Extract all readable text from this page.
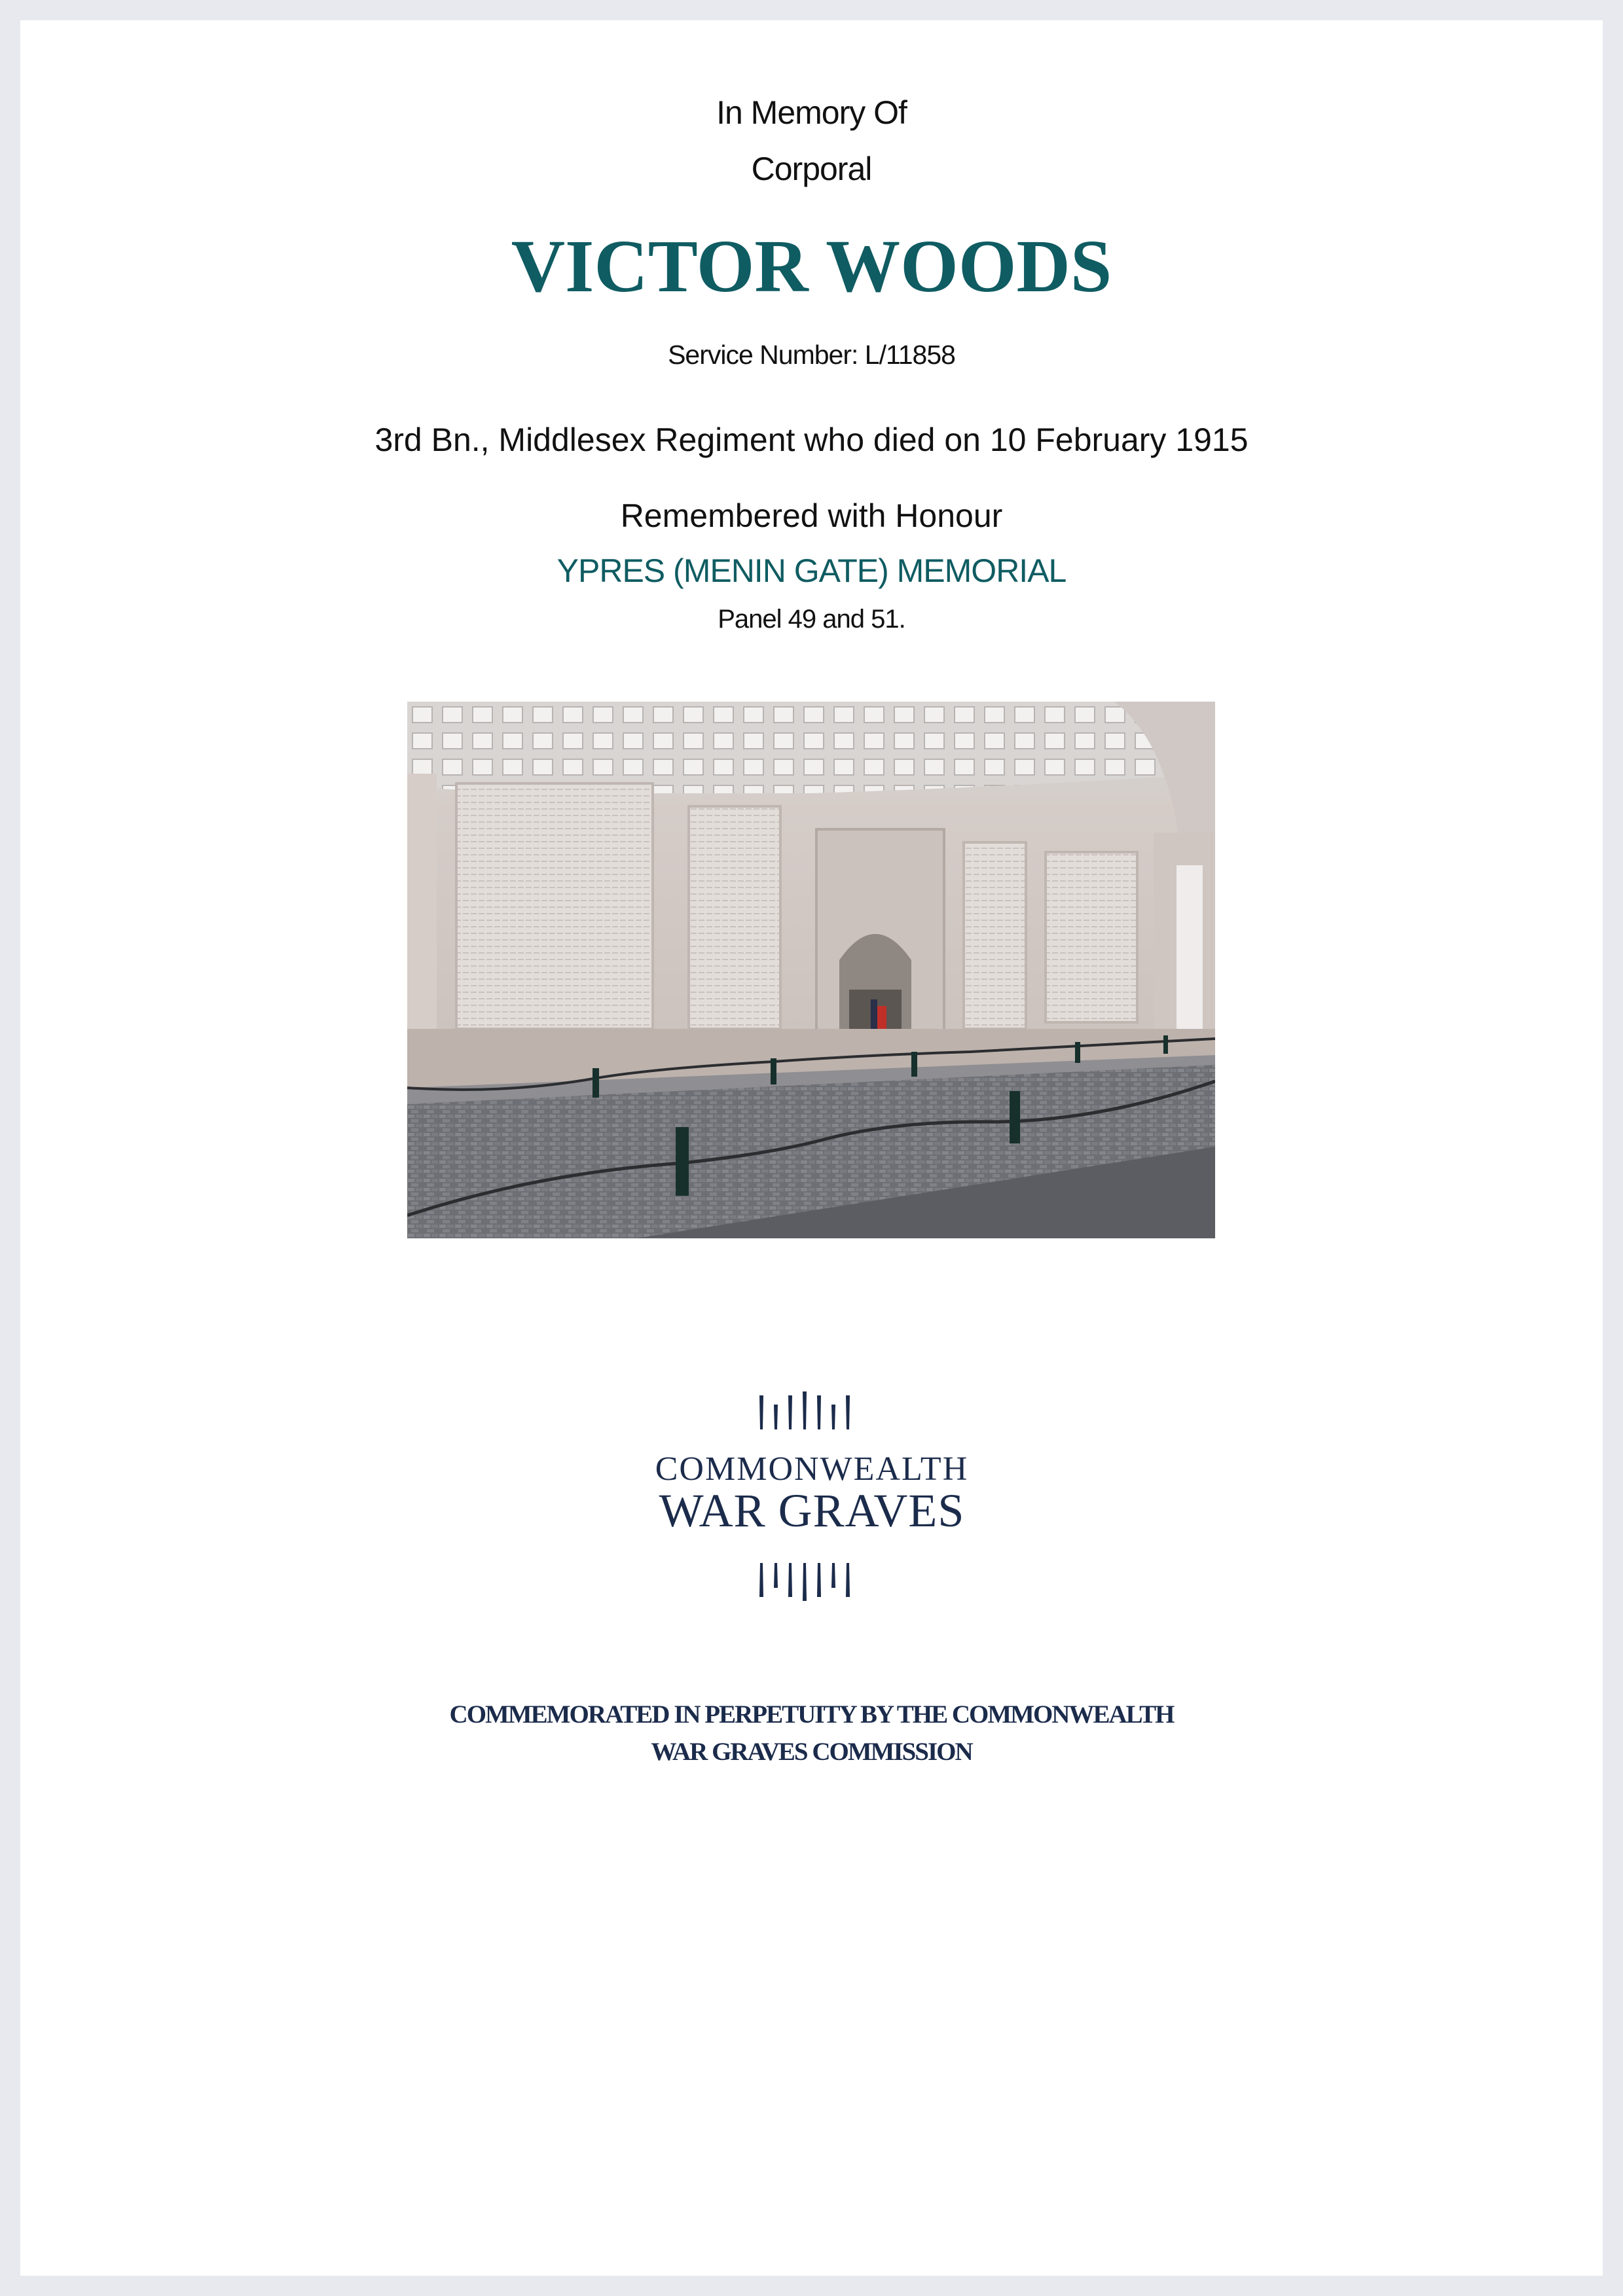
In Memory Of

Corporal

VICTOR WOODS

Service Number: L/11858

3rd Bn., Middlesex Regiment who died on 10 February 1915

Remembered with Honour

YPRES (MENIN GATE) MEMORIAL

Panel 49 and 51.

COMMONWEALTH
WAR GRAVES

COMMEMORATED IN PERPETUITY BY THE COMMONWEALTH

WAR GRAVES COMMISSION
